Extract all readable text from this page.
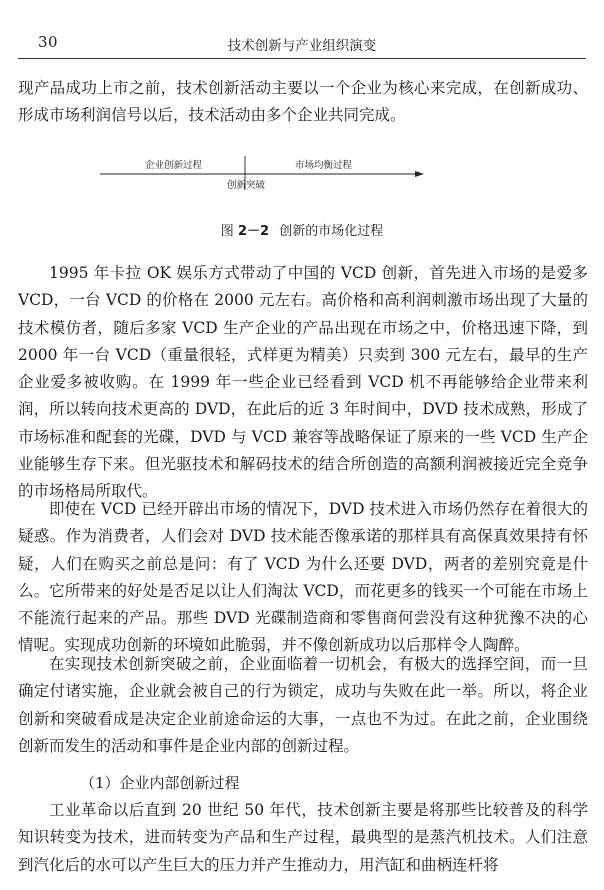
30	技术创新与产业组织演变

现产品成功上市之前，技术创新活动主要以一个企业为核心来完成，在创新成功、形成市场利润信号以后，技术活动由多个企业共同完成。

企业创新过程	市场均衡过程
创新突破
图 2－2 创新的市场化过程

1995 年卡拉 OK 娱乐方式带动了中国的 VCD 创新，首先进入市场的是爱多 VCD，一台 VCD 的价格在 2000 元左右。高价格和高利润刺激市场出现了大量的技术模仿者，随后多家 VCD 生产企业的产品出现在市场之中，价格迅速下降，到 2000 年一台 VCD（重量很轻，式样更为精美）只卖到 300 元左右，最早的生产企业爱多被收购。在 1999 年一些企业已经看到 VCD 机不再能够给企业带来利润，所以转向技术更高的 DVD，在此后的近 3 年时间中，DVD 技术成熟，形成了市场标准和配套的光碟，DVD 与 VCD 兼容等战略保证了原来的一些 VCD 生产企业能够生存下来。但光驱技术和解码技术的结合所创造的高额利润被接近完全竞争的市场格局所取代。

即使在 VCD 已经开辟出市场的情况下，DVD 技术进入市场仍然存在着很大的疑惑。作为消费者，人们会对 DVD 技术能否像承诺的那样具有高保真效果持有怀疑，人们在购买之前总是问：有了 VCD 为什么还要 DVD，两者的差别究竟是什么。它所带来的好处是否足以让人们淘汰 VCD，而花更多的钱买一个可能在市场上不能流行起来的产品。那些 DVD 光碟制造商和零售商何尝没有这种犹豫不决的心情呢。实现成功创新的环境如此脆弱，并不像创新成功以后那样令人陶醉。

在实现技术创新突破之前，企业面临着一切机会，有极大的选择空间，而一旦确定付诸实施，企业就会被自己的行为锁定，成功与失败在此一举。所以，将企业创新和突破看成是决定企业前途命运的大事，一点也不为过。在此之前，企业围绕创新而发生的活动和事件是企业内部的创新过程。

（1）企业内部创新过程

工业革命以后直到 20 世纪 50 年代，技术创新主要是将那些比较普及的科学知识转变为技术，进而转变为产品和生产过程，最典型的是蒸汽机技术。人们注意到汽化后的水可以产生巨大的压力并产生推动力，用汽缸和曲柄连杆将
